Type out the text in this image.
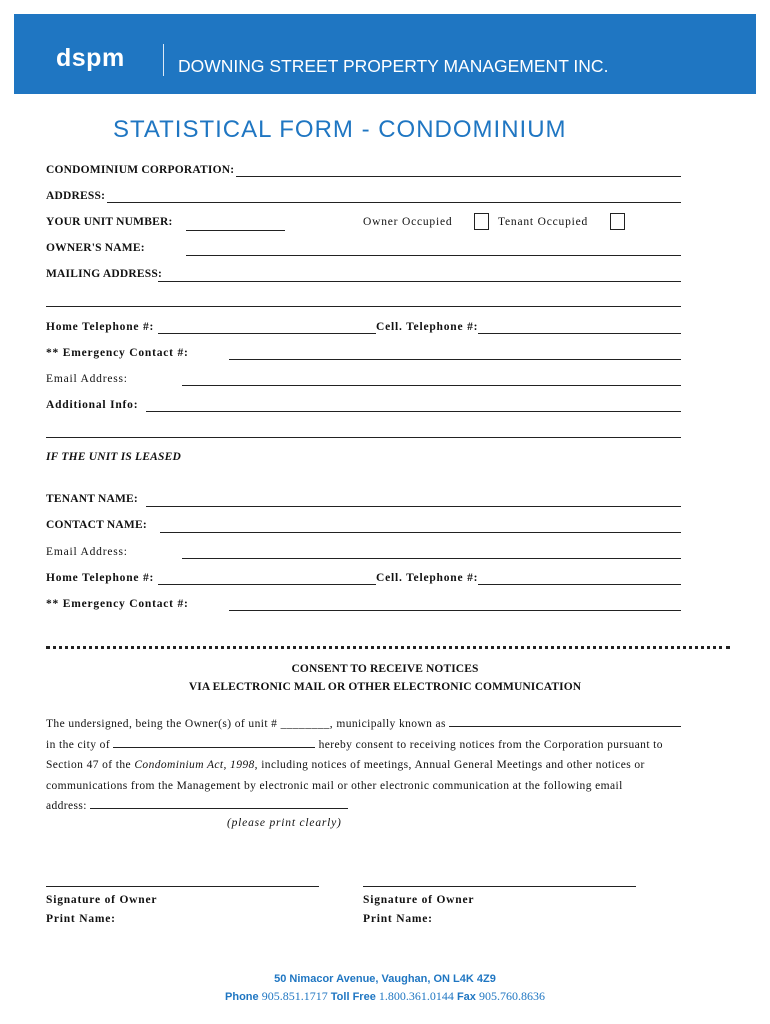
dspm	DOWNING STREET PROPERTY MANAGEMENT INC.
STATISTICAL FORM - CONDOMINIUM
CONDOMINIUM CORPORATION:
ADDRESS:
YOUR UNIT NUMBER:	Owner Occupied	Tenant Occupied
OWNER'S NAME:
MAILING ADDRESS:
Home Telephone #:	Cell. Telephone #:
** Emergency Contact #:
Email Address:
Additional Info:
IF THE UNIT IS LEASED
TENANT NAME:
CONTACT NAME:
Email Address:
Home Telephone #:	Cell. Telephone #:
** Emergency Contact #:
CONSENT TO RECEIVE NOTICES
VIA ELECTRONIC MAIL OR OTHER ELECTRONIC COMMUNICATION
The undersigned, being the Owner(s) of unit # ________, municipally known as
in the city of	hereby consent to receiving notices from the Corporation pursuant to
Section 47 of the Condominium Act, 1998, including notices of meetings, Annual General Meetings and other notices or
communications from the Management by electronic mail or other electronic communication at the following email
address:
(please print clearly)
Signature of Owner
Print Name:
Signature of Owner
Print Name:
50 Nimacor Avenue, Vaughan, ON L4K 4Z9
Phone 905.851.1717 Toll Free 1.800.361.0144 Fax 905.760.8636
